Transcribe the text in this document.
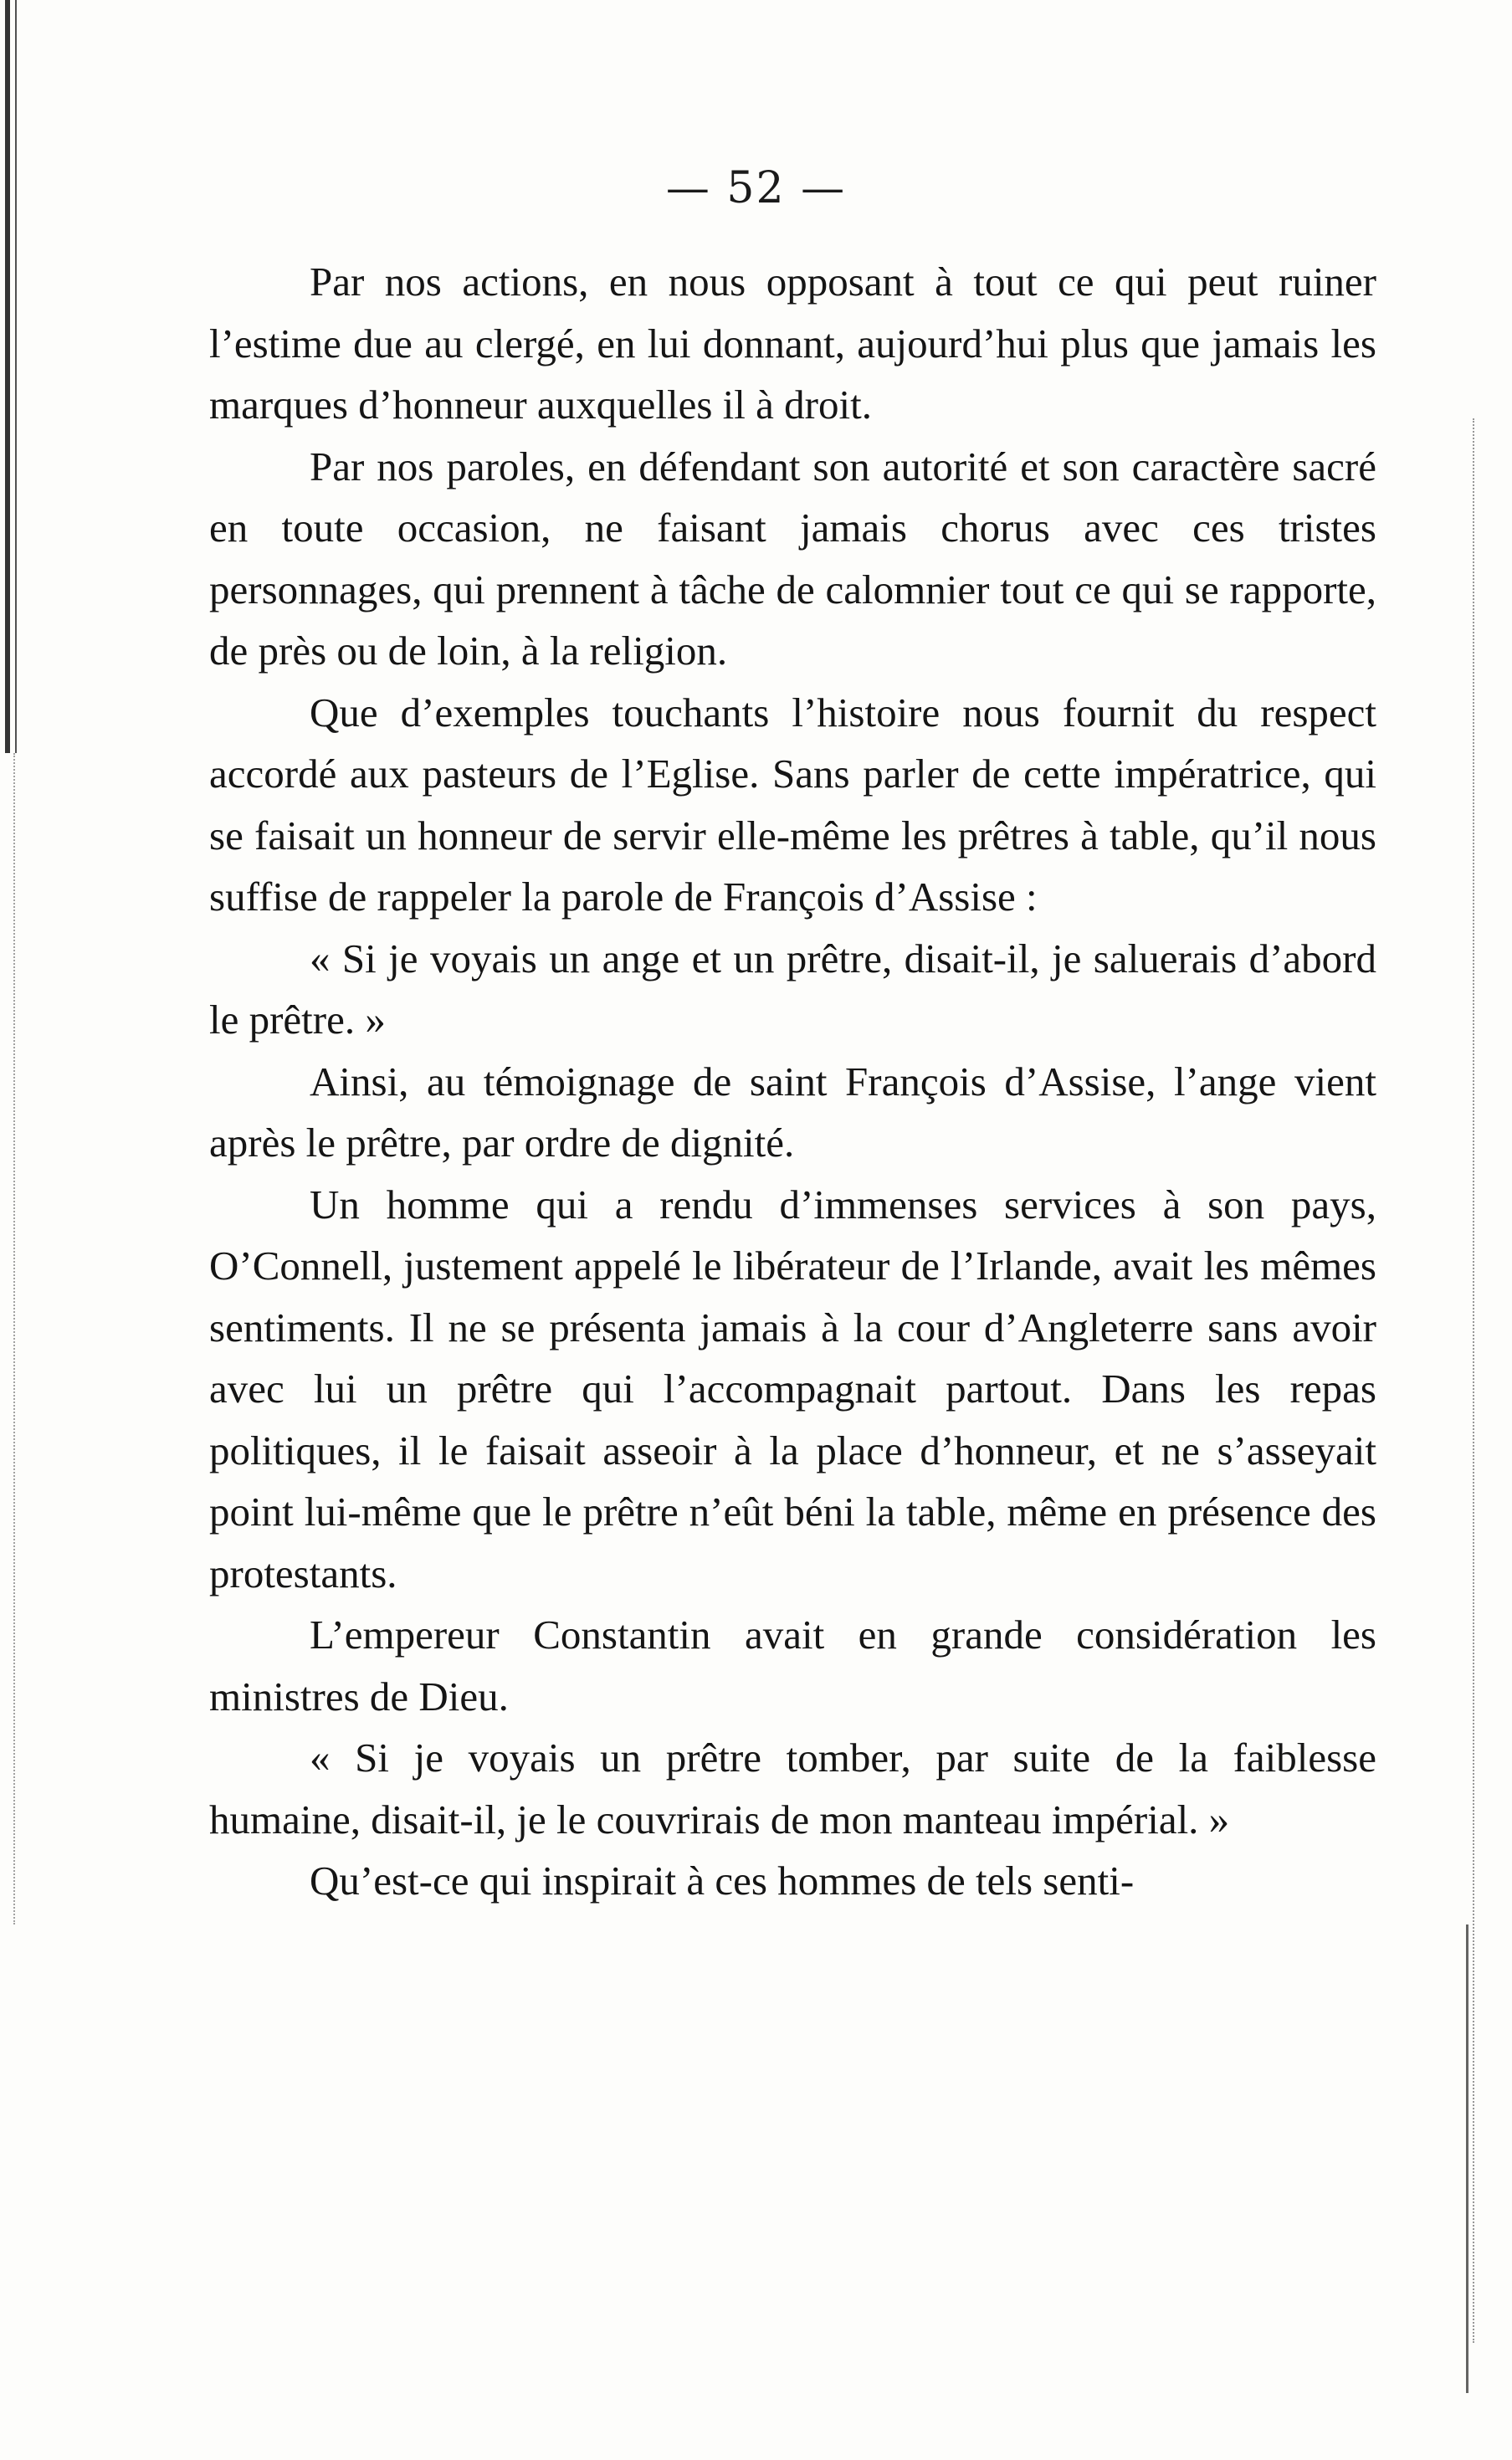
— 52 —

Par nos actions, en nous opposant à tout ce qui peut ruiner l’estime due au clergé, en lui donnant, aujourd’hui plus que jamais les marques d’honneur auxquelles il à droit.

Par nos paroles, en défendant son autorité et son caractère sacré en toute occasion, ne faisant jamais chorus avec ces tristes personnages, qui prennent à tâche de calomnier tout ce qui se rapporte, de près ou de loin, à la religion.

Que d’exemples touchants l’histoire nous fournit du respect accordé aux pasteurs de l’Eglise. Sans parler de cette impératrice, qui se faisait un honneur de servir elle-même les prêtres à table, qu’il nous suffise de rappeler la parole de François d’Assise :

« Si je voyais un ange et un prêtre, disait-il, je saluerais d’abord le prêtre. »

Ainsi, au témoignage de saint François d’Assise, l’ange vient après le prêtre, par ordre de dignité.

Un homme qui a rendu d’immenses services à son pays, O’Connell, justement appelé le libérateur de l’Irlande, avait les mêmes sentiments. Il ne se présenta jamais à la cour d’Angleterre sans avoir avec lui un prêtre qui l’accompagnait partout. Dans les repas politiques, il le faisait asseoir à la place d’honneur, et ne s’asseyait point lui-même que le prêtre n’eût béni la table, même en présence des protestants.

L’empereur Constantin avait en grande considération les ministres de Dieu.

« Si je voyais un prêtre tomber, par suite de la faiblesse humaine, disait-il, je le couvrirais de mon manteau impérial. »

Qu’est-ce qui inspirait à ces hommes de tels senti-
